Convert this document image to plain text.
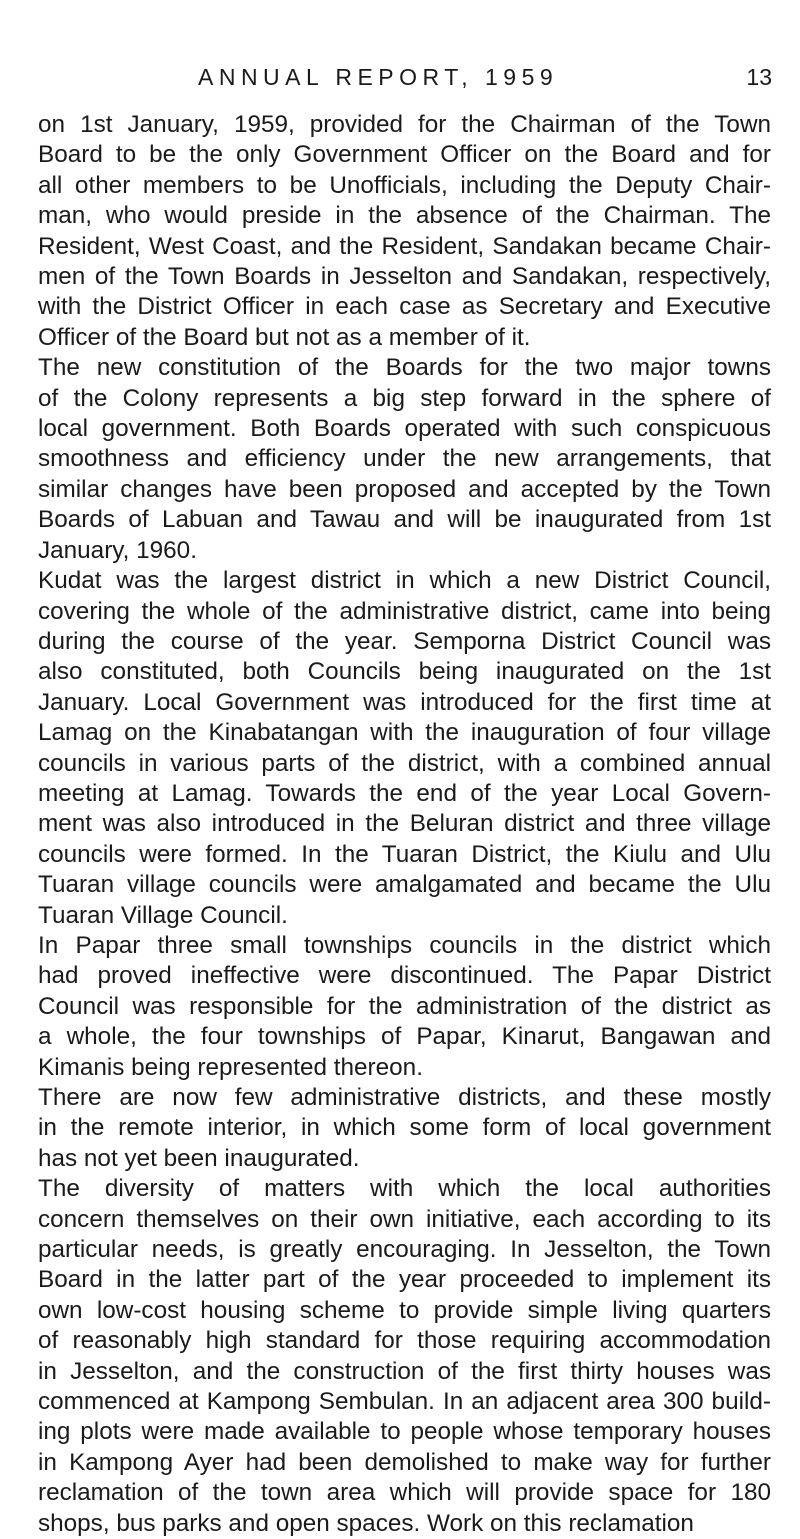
ANNUAL REPORT, 1959	13
on 1st January, 1959, provided for the Chairman of the Town
Board to be the only Government Officer on the Board and for
all other members to be Unofficials, including the Deputy Chair-
man, who would preside in the absence of the Chairman. The
Resident, West Coast, and the Resident, Sandakan became Chair-
men of the Town Boards in Jesselton and Sandakan, respectively,
with the District Officer in each case as Secretary and Executive
Officer of the Board but not as a member of it.
The new constitution of the Boards for the two major towns
of the Colony represents a big step forward in the sphere of
local government. Both Boards operated with such conspicuous
smoothness and efficiency under the new arrangements, that
similar changes have been proposed and accepted by the Town
Boards of Labuan and Tawau and will be inaugurated from 1st
January, 1960.
Kudat was the largest district in which a new District Council,
covering the whole of the administrative district, came into being
during the course of the year. Semporna District Council was
also constituted, both Councils being inaugurated on the 1st
January. Local Government was introduced for the first time at
Lamag on the Kinabatangan with the inauguration of four village
councils in various parts of the district, with a combined annual
meeting at Lamag. Towards the end of the year Local Govern-
ment was also introduced in the Beluran district and three village
councils were formed. In the Tuaran District, the Kiulu and Ulu
Tuaran village councils were amalgamated and became the Ulu
Tuaran Village Council.
In Papar three small townships councils in the district which
had proved ineffective were discontinued. The Papar District
Council was responsible for the administration of the district as
a whole, the four townships of Papar, Kinarut, Bangawan and
Kimanis being represented thereon.
There are now few administrative districts, and these mostly
in the remote interior, in which some form of local government
has not yet been inaugurated.
The diversity of matters with which the local authorities
concern themselves on their own initiative, each according to its
particular needs, is greatly encouraging. In Jesselton, the Town
Board in the latter part of the year proceeded to implement its
own low-cost housing scheme to provide simple living quarters
of reasonably high standard for those requiring accommodation
in Jesselton, and the construction of the first thirty houses was
commenced at Kampong Sembulan. In an adjacent area 300 build-
ing plots were made available to people whose temporary houses
in Kampong Ayer had been demolished to make way for further
reclamation of the town area which will provide space for 180
shops, bus parks and open spaces. Work on this reclamation
